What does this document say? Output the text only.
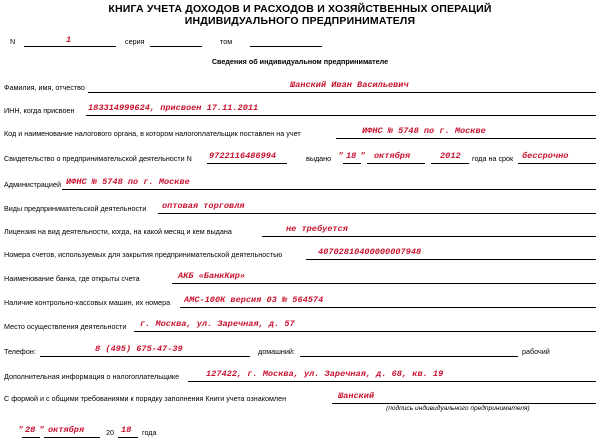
КНИГА УЧЕТА ДОХОДОВ И РАСХОДОВ И ХОЗЯЙСТВЕННЫХ ОПЕРАЦИЙ
ИНДИВИДУАЛЬНОГО ПРЕДПРИНИМАТЕЛЯ
N	1	серия	том
Сведения об индивидуальном предпринимателе
Фамилия, имя, отчество	Шанский Иван Васильевич
ИНН, когда присвоен 183314999624, присвоен 17.11.2011
Код и наименование налогового органа, в котором налогоплательщик поставлен на учет	ИФНС № 5748 по г. Москве
Свидетельство о предпринимательской деятельности N 9722116486994	выдано " 18 " октября	2012 года на срок бессрочно
Администрацией ИФНС № 5748 по г. Москве
Виды предпринимательской деятельности оптовая торговля
Лицензия на вид деятельности, когда, на какой месяц и кем выдана	не требуется
Номера счетов, используемых для закрытия предпринимательской деятельностью	40702810400000007948
Наименование банка, где открыты счета	АКБ «БанкКир»
Наличие контрольно-кассовых машин, их номера АМС-100К версия 03 № 564574
Место осуществления деятельности г. Москва, ул. Заречная, д. 57
Телефон:	8 (495) 675-47-39	домашний:	рабочий
Дополнительная информация о налогоплательщике	127422, г. Москва, ул. Заречная, д. 68, кв. 19
С формой и с общими требованиями к порядку заполнения Книги учета ознакомлен	Шанский
(подпись индивидуального предпринимателя)
" 28 " октября	20 18 года
